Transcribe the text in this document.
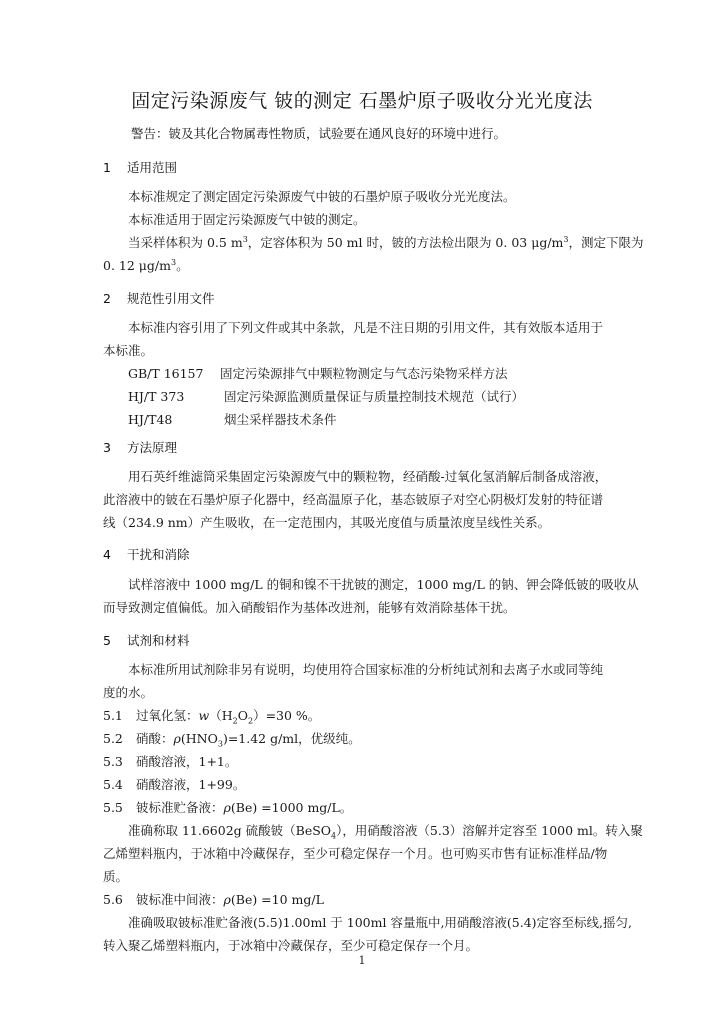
固定污染源废气 铍的测定 石墨炉原子吸收分光光度法
警告：铍及其化合物属毒性物质，试验要在通风良好的环境中进行。
1 适用范围
本标准规定了测定固定污染源废气中铍的石墨炉原子吸收分光光度法。
本标准适用于固定污染源废气中铍的测定。
当采样体积为 0.5 $m^3$，定容体积为 50 ml 时，铍的方法检出限为 0. 03 $\mu g/m^3$，测定下限为
0. 12 $\mu g/m^3$。
2 规范性引用文件
本标准内容引用了下列文件或其中条款，凡是不注日期的引用文件，其有效版本适用于
本标准。
GB/T 16157 固定污染源排气中颗粒物测定与气态污染物采样方法
HJ/T 373	固定污染源监测质量保证与质量控制技术规范（试行）
HJ/T48	烟尘采样器技术条件
3 方法原理
用石英纤维滤筒采集固定污染源废气中的颗粒物，经硝酸-过氧化氢消解后制备成溶液，
此溶液中的铍在石墨炉原子化器中，经高温原子化，基态铍原子对空心阴极灯发射的特征谱
线（234.9 nm）产生吸收，在一定范围内，其吸光度值与质量浓度呈线性关系。
4 干扰和消除
试样溶液中 1000 mg/L 的铜和镍不干扰铍的测定，1000 mg/L 的钠、钾会降低铍的吸收从
而导致测定值偏低。加入硝酸铝作为基体改进剂，能够有效消除基体干扰。
5 试剂和材料
本标准所用试剂除非另有说明，均使用符合国家标准的分析纯试剂和去离子水或同等纯
度的水。
5.1 过氧化氢：$w(H_2O_2)=30$ %。
5.2 硝酸：$\rho(HNO_3)=1.42$ g/ml，优级纯。
5.3 硝酸溶液，1+1。
5.4 硝酸溶液，1+99。
5.5 铍标准贮备液：ρ(Be) =1000 mg/L。
准确称取 11.6602g 硫酸铍（BeSO$_4$），用硝酸溶液（5.3）溶解并定容至 1000 ml。转入聚
乙烯塑料瓶内，于冰箱中冷藏保存，至少可稳定保存一个月。也可购买市售有证标准样品/物
质。
5.6 铍标准中间液：ρ(Be) =10 mg/L
准确吸取铍标准贮备液(5.5)1.00ml 于 100ml 容量瓶中,用硝酸溶液(5.4)定容至标线,摇匀,
转入聚乙烯塑料瓶内，于冰箱中冷藏保存，至少可稳定保存一个月。
1
